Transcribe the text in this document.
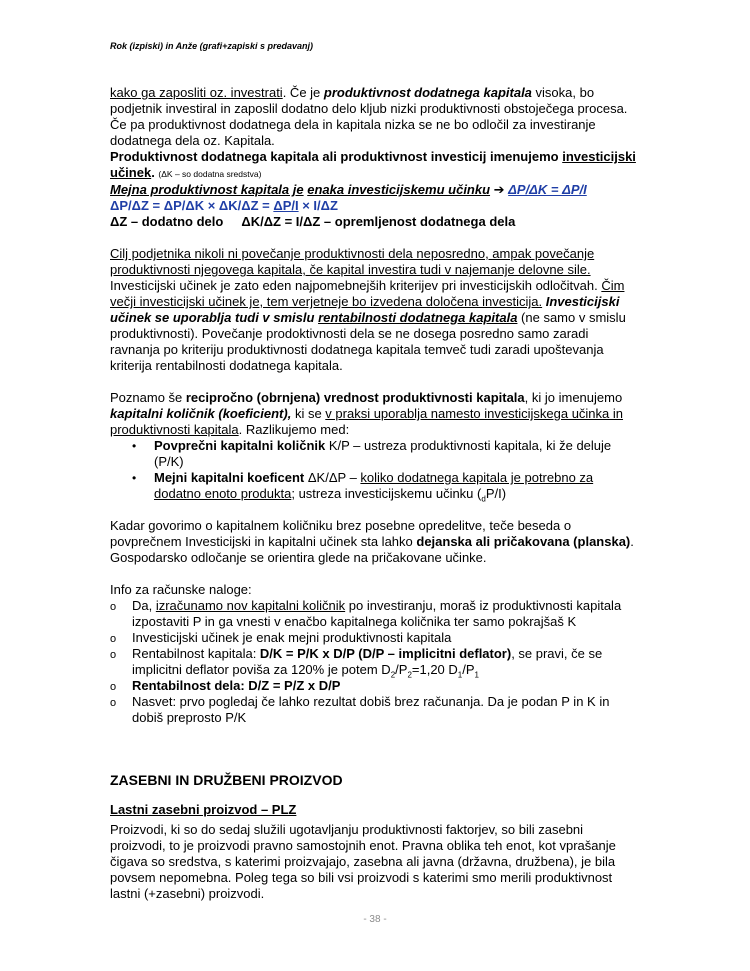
Rok (izpiski) in Anže (grafi+zapiski s predavanj)

kako ga zaposliti oz. investrati. Če je produktivnost dodatnega kapitala visoka, bo podjetnik investiral in zaposlil dodatno delo kljub nizki produktivnosti obstoječega procesa. Če pa produktivnost dodatnega dela in kapitala nizka se ne bo odločil za investiranje dodatnega dela oz. Kapitala.

Produktivnost dodatnega kapitala ali produktivnost investicij imenujemo investicijski učinek. (ΔK – so dodatna sredstva)

Mejna produktivnost kapitala je enaka investicijskemu učinku ➔ ΔP/ΔK = ΔP/I

ΔP/ΔZ = ΔP/ΔK × ΔK/ΔZ = ΔP/I × I/ΔZ

ΔZ – dodatno delo ΔK/ΔZ = I/ΔZ – opremljenost dodatnega dela

Cilj podjetnika nikoli ni povečanje produktivnosti dela neposredno, ampak povečanje produktivnosti njegovega kapitala, če kapital investira tudi v najemanje delovne sile. Investicijski učinek je zato eden najpomebnejših kriterijev pri investicijskih odločitvah. Čim večji investicijski učinek je, tem verjetneje bo izvedena določena investicija. Investicijski učinek se uporablja tudi v smislu rentabilnosti dodatnega kapitala (ne samo v smislu produktivnosti). Povečanje prodoktivnosti dela se ne dosega posredno samo zaradi ravnanja po kriteriju produktivnosti dodatnega kapitala temveč tudi zaradi upoštevanja kriterija rentabilnosti dodatnega kapitala.

Poznamo še recipročno (obrnjena) vrednost produktivnosti kapitala, ki jo imenujemo kapitalni količnik (koeficient), ki se v praksi uporablja namesto investicijskega učinka in produktivnosti kapitala. Razlikujemo med:

• Povprečni kapitalni količnik K/P – ustreza produktivnosti kapitala, ki že deluje (P/K)
• Mejni kapitalni koeficent ΔK/ΔP – koliko dodatnega kapitala je potrebno za dodatno enoto produkta; ustreza investicijskemu učinku $(_dP/I)$

Kadar govorimo o kapitalnem količniku brez posebne opredelitve, teče beseda o povprečnem Investicijski in kapitalni učinek sta lahko dejanska ali pričakovana (planska). Gospodarsko odločanje se orientira glede na pričakovane učinke.

Info za računske naloge:

o Da, izračunamo nov kapitalni količnik po investiranju, moraš iz produktivnosti kapitala izpostaviti P in ga vnesti v enačbo kapitalnega količnika ter samo pokrajšaš K
o Investicijski učinek je enak mejni produktivnosti kapitala
o Rentabilnost kapitala: D/K = P/K x D/P (D/P – implicitni deflator), se pravi, če se implicitni deflator poviša za 120% je potem $D_2/P_2=1,20$ $D_1/P_1$
o Rentabilnost dela: D/Z = P/Z x D/P
o Nasvet: prvo pogledaj če lahko rezultat dobiš brez računanja. Da je podan P in K in dobiš preprosto P/K

ZASEBNI IN DRUŽBENI PROIZVOD

Lastni zasebni proizvod – PLZ

Proizvodi, ki so do sedaj služili ugotavljanju produktivnosti faktorjev, so bili zasebni proizvodi, to je proizvodi pravno samostojnih enot. Pravna oblika teh enot, kot vprašanje čigava so sredstva, s katerimi proizvajajo, zasebna ali javna (državna, družbena), je bila povsem nepomebna. Poleg tega so bili vsi proizvodi s katerimi smo merili produktivnost lastni (+zasebni) proizvodi.

- 38 -
